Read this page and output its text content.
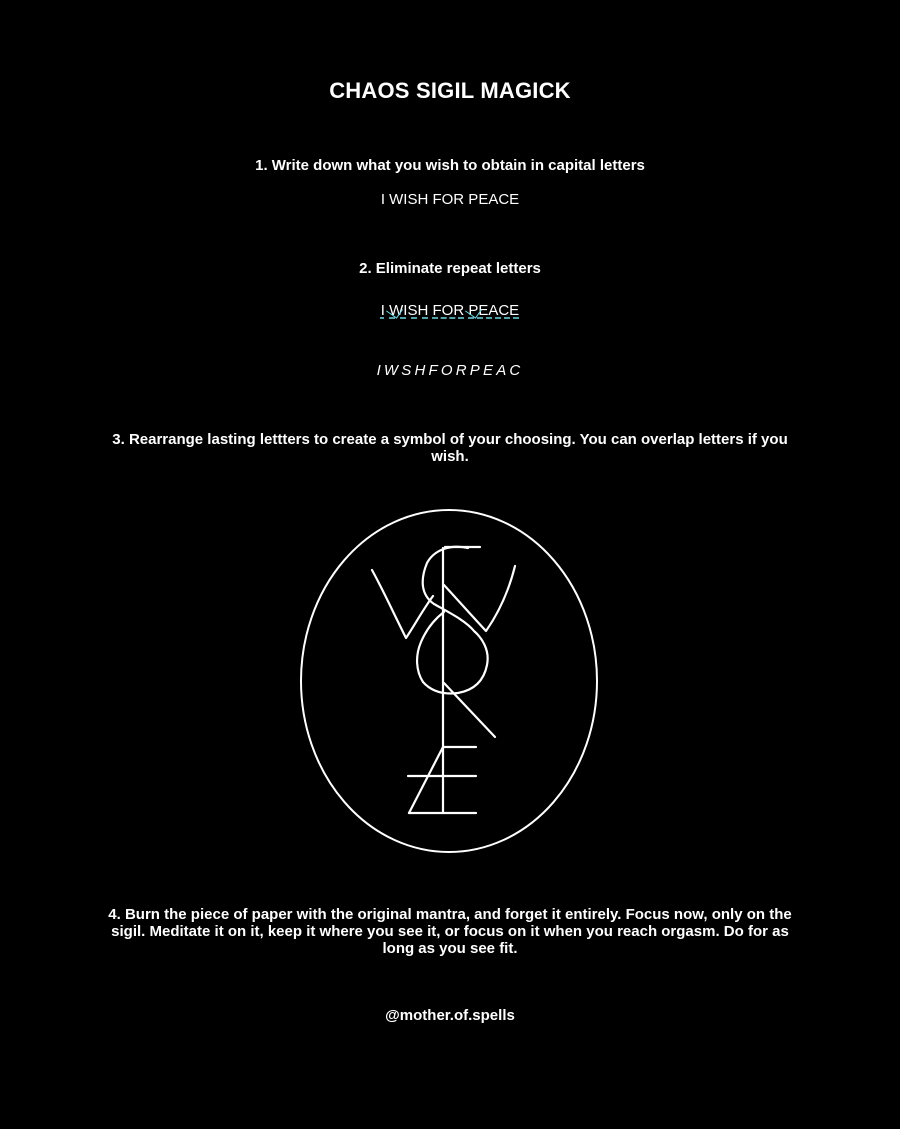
CHAOS SIGIL MAGICK

1. Write down what you wish to obtain in capital letters

I WISH FOR PEACE

2. Eliminate repeat letters

I WISH FOR PEACE

IWSHFORPEAC

3. Rearrange lasting lettters to create a symbol of your choosing. You can overlap letters if you wish.

4. Burn the piece of paper with the original mantra, and forget it entirely. Focus now, only on the sigil. Meditate it on it, keep it where you see it, or focus on it when you reach orgasm. Do for as long as you see fit.

@mother.of.spells
